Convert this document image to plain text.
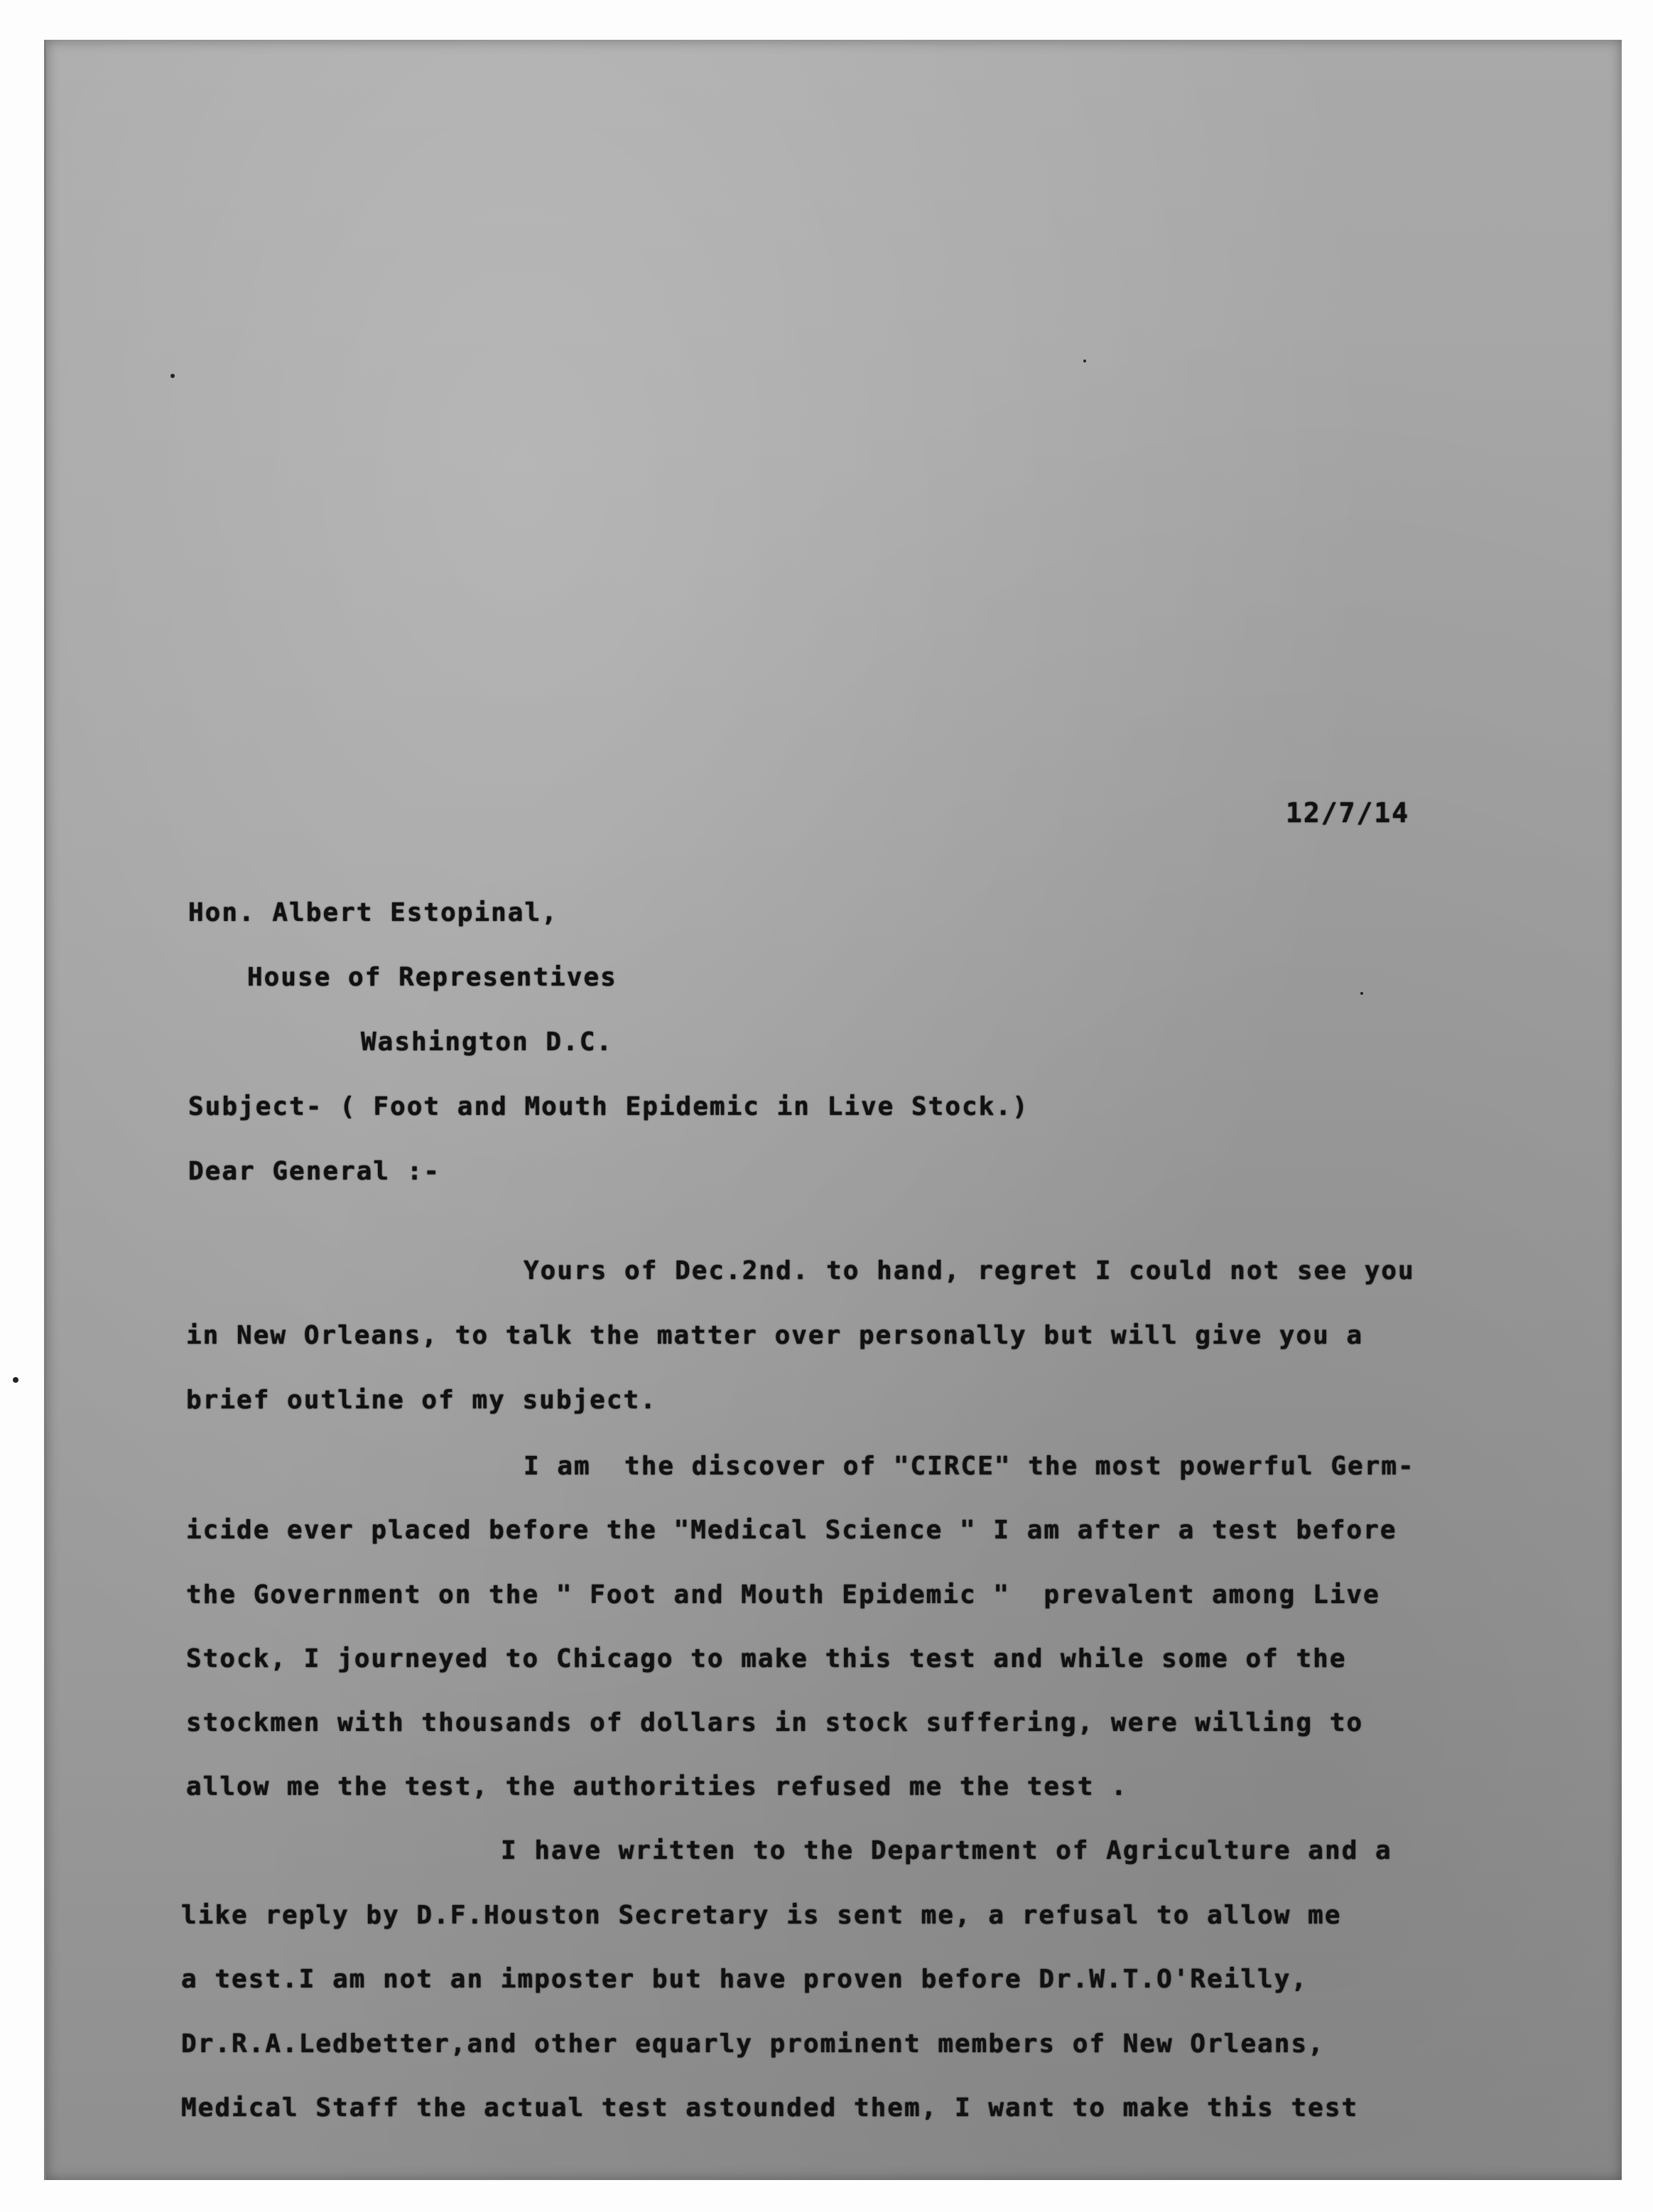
12/7/14
Hon. Albert Estopinal,
House of Representives
Washington D.C.
Subject- ( Foot and Mouth Epidemic in Live Stock.)
Dear General :-
Yours of Dec.2nd. to hand, regret I could not see you
in New Orleans, to talk the matter over personally but will give you a
brief outline of my subject.
I am  the discover of "CIRCE" the most powerful Germ-
icide ever placed before the "Medical Science " I am after a test before
the Government on the " Foot and Mouth Epidemic "  prevalent among Live
Stock, I journeyed to Chicago to make this test and while some of the
stockmen with thousands of dollars in stock suffering, were willing to
allow me the test, the authorities refused me the test .
I have written to the Department of Agriculture and a
like reply by D.F.Houston Secretary is sent me, a refusal to allow me
a test.I am not an imposter but have proven before Dr.W.T.O'Reilly,
Dr.R.A.Ledbetter,and other equarly prominent members of New Orleans,
Medical Staff the actual test astounded them, I want to make this test
